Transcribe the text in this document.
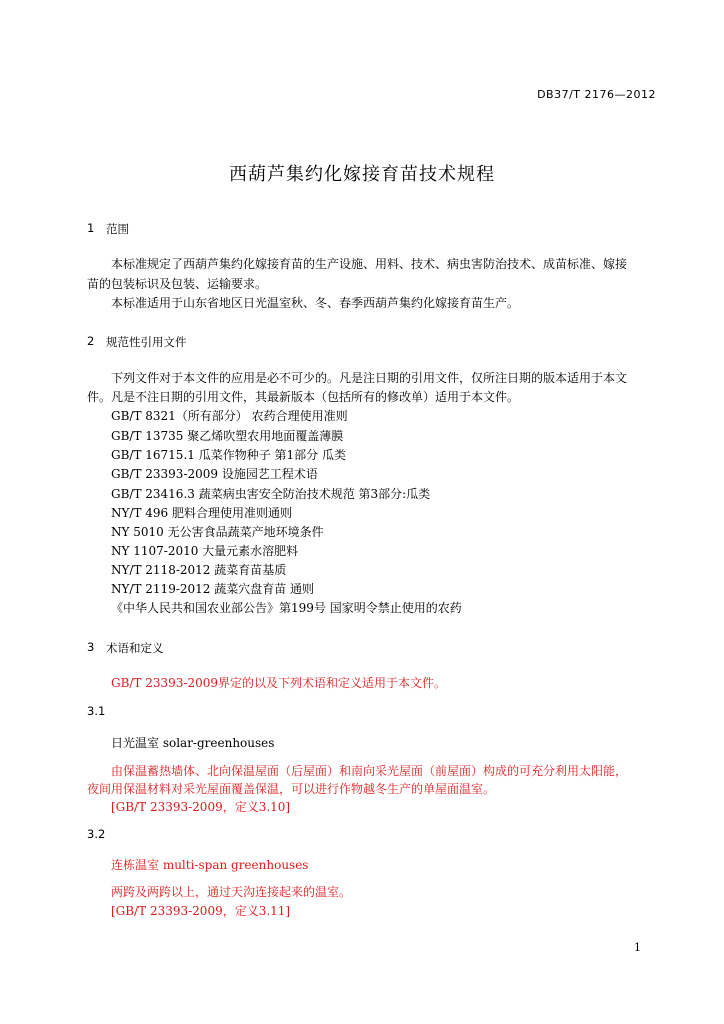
DB37/T 2176—2012
西葫芦集约化嫁接育苗技术规程
1 范围
本标准规定了西葫芦集约化嫁接育苗的生产设施、用料、技术、病虫害防治技术、成苗标准、嫁接
苗的包装标识及包装、运输要求。
本标准适用于山东省地区日光温室秋、冬、春季西葫芦集约化嫁接育苗生产。
2 规范性引用文件
下列文件对于本文件的应用是必不可少的。凡是注日期的引用文件，仅所注日期的版本适用于本文
件。凡是不注日期的引用文件，其最新版本（包括所有的修改单）适用于本文件。
GB/T 8321（所有部分） 农药合理使用准则
GB/T 13735 聚乙烯吹塑农用地面覆盖薄膜
GB/T 16715.1 瓜菜作物种子 第1部分 瓜类
GB/T 23393-2009 设施园艺工程术语
GB/T 23416.3 蔬菜病虫害安全防治技术规范 第3部分:瓜类
NY/T 496 肥料合理使用准则通则
NY 5010 无公害食品蔬菜产地环境条件
NY 1107-2010 大量元素水溶肥料
NY/T 2118-2012 蔬菜育苗基质
NY/T 2119-2012 蔬菜穴盘育苗 通则
《中华人民共和国农业部公告》第199号 国家明令禁止使用的农药
3 术语和定义
GB/T 23393-2009界定的以及下列术语和定义适用于本文件。
3.1
日光温室 solar-greenhouses
由保温蓄热墙体、北向保温屋面（后屋面）和南向采光屋面（前屋面）构成的可充分利用太阳能，
夜间用保温材料对采光屋面覆盖保温，可以进行作物越冬生产的单屋面温室。
[GB/T 23393-2009，定义3.10]
3.2
连栋温室 multi-span greenhouses
两跨及两跨以上，通过天沟连接起来的温室。
[GB/T 23393-2009，定义3.11]
1
